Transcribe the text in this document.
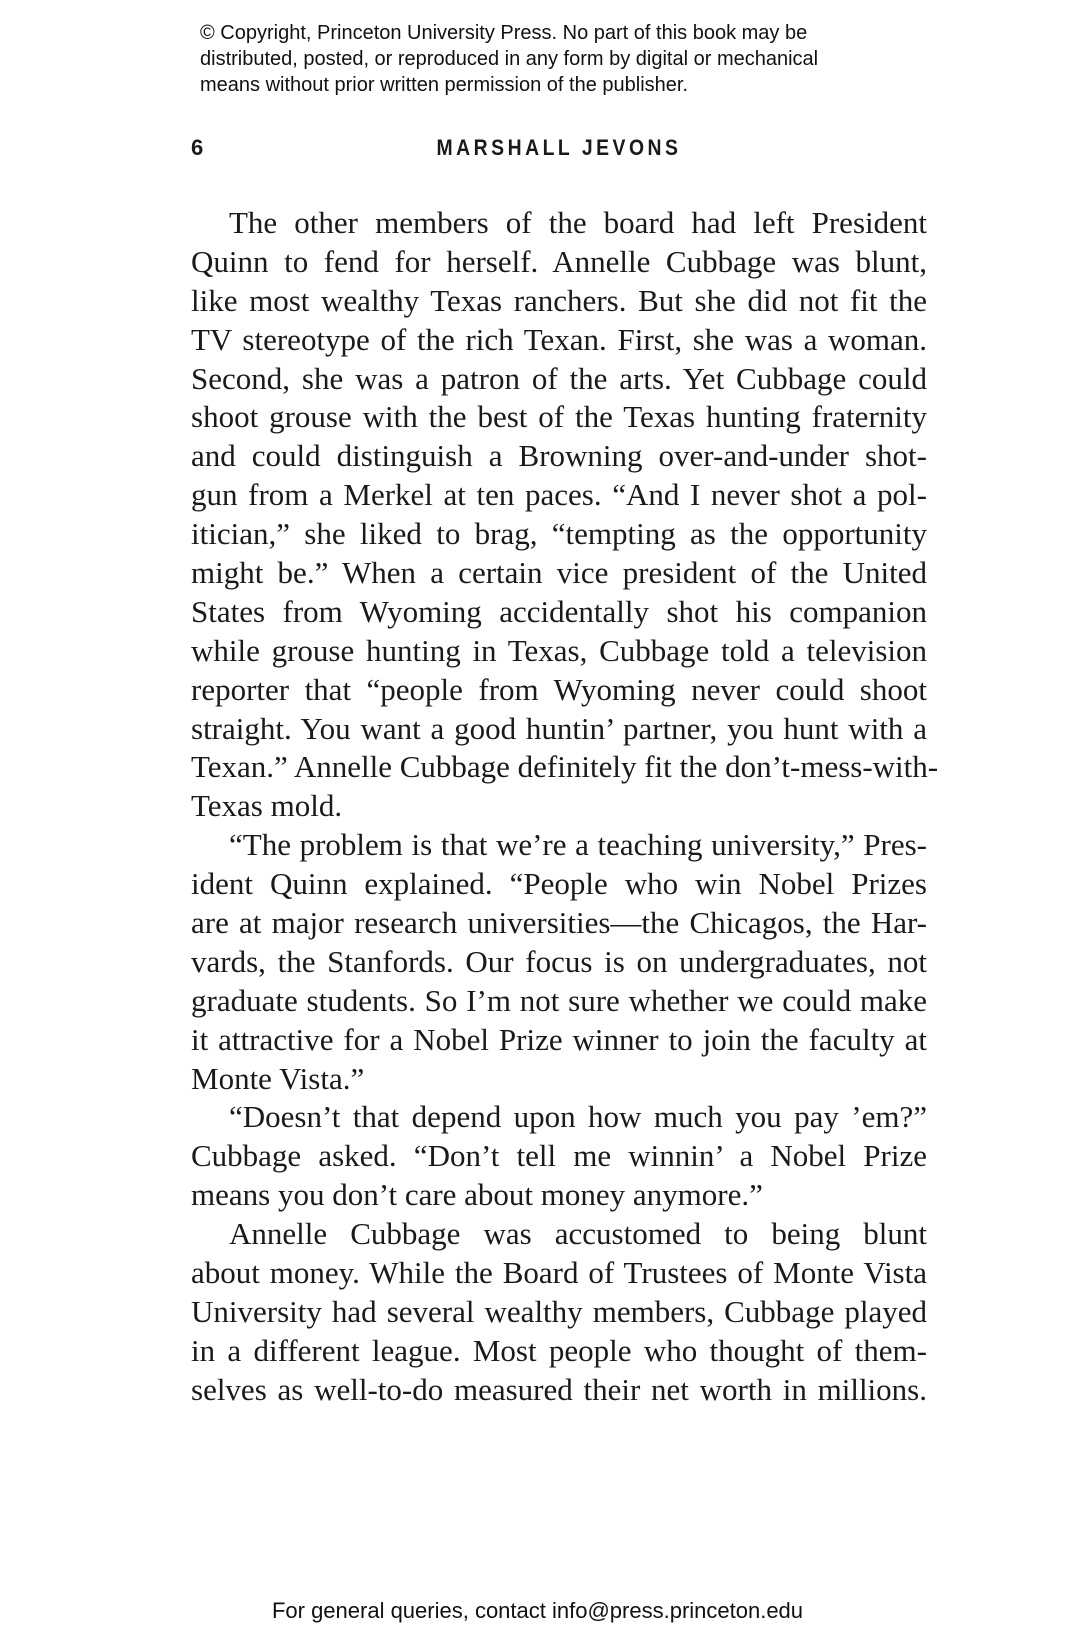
© Copyright, Princeton University Press. No part of this book may be
distributed, posted, or reproduced in any form by digital or mechanical
means without prior written permission of the publisher.
6	MARSHALL JEVONS
The other members of the board had left President
Quinn to fend for herself. Annelle Cubbage was blunt,
like most wealthy Texas ranchers. But she did not fit the
TV stereotype of the rich Texan. First, she was a woman.
Second, she was a patron of the arts. Yet Cubbage could
shoot grouse with the best of the Texas hunting fraternity
and could distinguish a Browning over-and-under shot-
gun from a Merkel at ten paces. “And I never shot a pol-
itician,” she liked to brag, “tempting as the opportunity
might be.” When a certain vice president of the United
States from Wyoming accidentally shot his companion
while grouse hunting in Texas, Cubbage told a television
reporter that “people from Wyoming never could shoot
straight. You want a good huntin’ partner, you hunt with a
Texan.” Annelle Cubbage definitely fit the don’t-mess-with-
Texas mold.
“The problem is that we’re a teaching university,” Pres-
ident Quinn explained. “People who win Nobel Prizes
are at major research universities—the Chicagos, the Har-
vards, the Stanfords. Our focus is on undergraduates, not
graduate students. So I’m not sure whether we could make
it attractive for a Nobel Prize winner to join the faculty at
Monte Vista.”
“Doesn’t that depend upon how much you pay ’em?”
Cubbage asked. “Don’t tell me winnin’ a Nobel Prize
means you don’t care about money anymore.”
Annelle Cubbage was accustomed to being blunt
about money. While the Board of Trustees of Monte Vista
University had several wealthy members, Cubbage played
in a different league. Most people who thought of them-
selves as well-to-do measured their net worth in millions.
For general queries, contact info@press.princeton.edu
